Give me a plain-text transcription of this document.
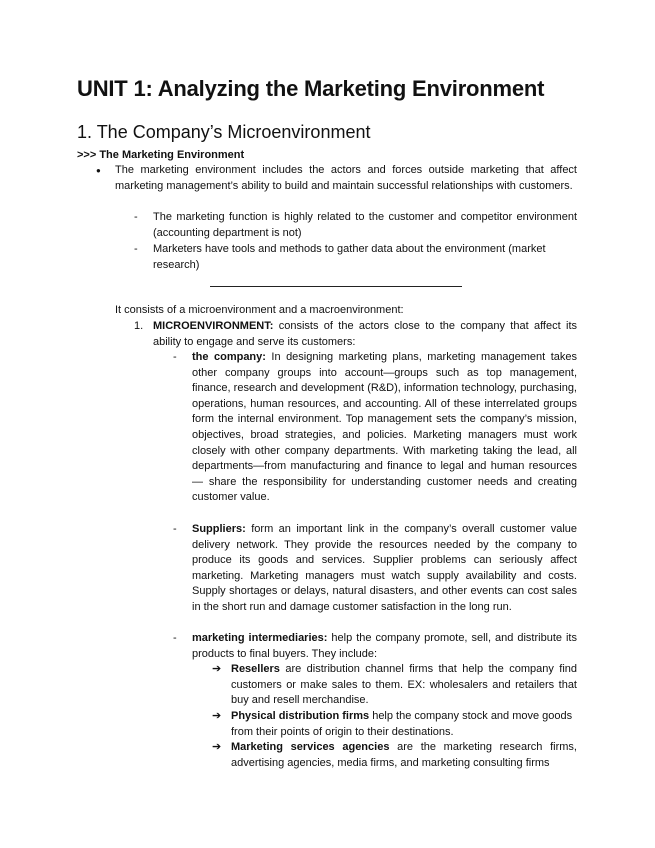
UNIT 1: Analyzing the Marketing Environment
1. The Company’s Microenvironment
>>> The Marketing Environment
● The marketing environment includes the actors and forces outside marketing that affect marketing management’s ability to build and maintain successful relationships with customers.
- The marketing function is highly related to the customer and competitor environment (accounting department is not)
- Marketers have tools and methods to gather data about the environment (market research)
It consists of a microenvironment and a macroenvironment:
1. MICROENVIRONMENT: consists of the actors close to the company that affect its ability to engage and serve its customers:
- the company: In designing marketing plans, marketing management takes other company groups into account—groups such as top management, finance, research and development (R&D), information technology, purchasing, operations, human resources, and accounting. All of these interrelated groups form the internal environment. Top management sets the company’s mission, objectives, broad strategies, and policies. Marketing managers must work closely with other company departments. With marketing taking the lead, all departments—from manufacturing and finance to legal and human resources— share the responsibility for understanding customer needs and creating customer value.
- Suppliers: form an important link in the company’s overall customer value delivery network. They provide the resources needed by the company to produce its goods and services. Supplier problems can seriously affect marketing. Marketing managers must watch supply availability and costs. Supply shortages or delays, natural disasters, and other events can cost sales in the short run and damage customer satisfaction in the long run.
- marketing intermediaries: help the company promote, sell, and distribute its products to final buyers. They include:
➔ Resellers are distribution channel firms that help the company find customers or make sales to them. EX: wholesalers and retailers that buy and resell merchandise.
➔ Physical distribution firms help the company stock and move goods from their points of origin to their destinations.
➔ Marketing services agencies are the marketing research firms, advertising agencies, media firms, and marketing consulting firms
